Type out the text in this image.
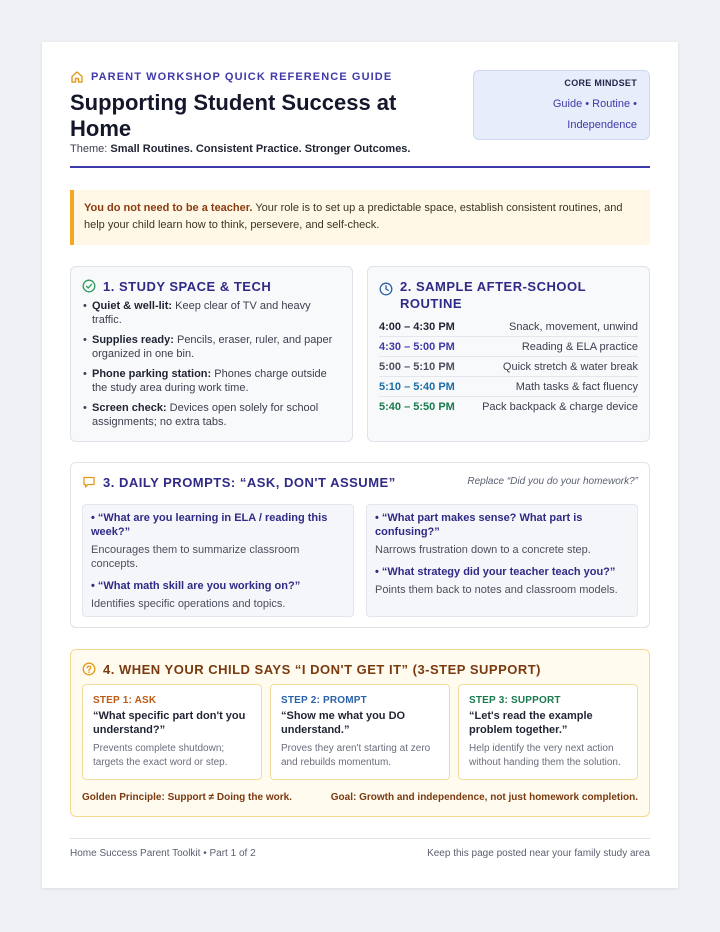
PARENT WORKSHOP QUICK REFERENCE GUIDE
Supporting Student Success at Home
Theme: Small Routines. Consistent Practice. Stronger Outcomes.
CORE MINDSET
Guide • Routine •
Independence
You do not need to be a teacher. Your role is to set up a predictable space, establish consistent routines, and help your child learn how to think, persevere, and self-check.
1. STUDY SPACE & TECH
• Quiet & well-lit: Keep clear of TV and heavy traffic.
• Supplies ready: Pencils, eraser, ruler, and paper organized in one bin.
• Phone parking station: Phones charge outside the study area during work time.
• Screen check: Devices open solely for school assignments; no extra tabs.
2. SAMPLE AFTER-SCHOOL ROUTINE
4:00 – 4:30 PM	Snack, movement, unwind
4:30 – 5:00 PM	Reading & ELA practice
5:00 – 5:10 PM	Quick stretch & water break
5:10 – 5:40 PM	Math tasks & fact fluency
5:40 – 5:50 PM Pack backpack & charge device
3. DAILY PROMPTS: “ASK, DON'T ASSUME”	Replace “Did you do your homework?”
• “What are you learning in ELA / reading this week?”
Encourages them to summarize classroom concepts.
• “What math skill are you working on?”
Identifies specific operations and topics.
• “What part makes sense? What part is confusing?”
Narrows frustration down to a concrete step.
• “What strategy did your teacher teach you?”
Points them back to notes and classroom models.
4. WHEN YOUR CHILD SAYS “I DON'T GET IT” (3-STEP SUPPORT)
STEP 1: ASK
“What specific part don't you understand?”
Prevents complete shutdown; targets the exact word or step.
STEP 2: PROMPT
“Show me what you DO understand.”
Proves they aren't starting at zero and rebuilds momentum.
STEP 3: SUPPORT
“Let's read the example problem together.”
Help identify the very next action without handing them the solution.
Golden Principle: Support ≠ Doing the work.	Goal: Growth and independence, not just homework completion.
Home Success Parent Toolkit • Part 1 of 2	Keep this page posted near your family study area
